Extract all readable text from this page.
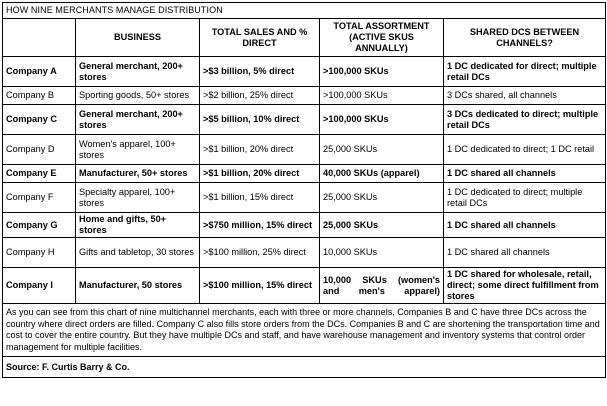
HOW NINE MERCHANTS MANAGE DISTRIBUTION				
	BUSINESS	TOTAL SALES AND % DIRECT	TOTAL ASSORTMENT (ACTIVE SKUS ANNUALLY)	SHARED DCS BETWEEN CHANNELS?
Company A	General merchant, 200+ stores	>$3 billion, 5% direct	>100,000 SKUs	1 DC dedicated for direct; multiple retail DCs
Company B	Sporting goods, 50+ stores	>$2 billion, 25% direct	>100,000 SKUs	3 DCs shared, all channels
Company C	General merchant, 200+ stores	>$5 billion, 10% direct	>100,000 SKUs	3 DCs dedicated to direct; multiple retail DCs
Company D	Women's apparel, 100+ stores	>$1 billion, 20% direct	25,000 SKUs	1 DC dedicated to direct; 1 DC retail
Company E	Manufacturer, 50+ stores	>$1 billion, 20% direct	40,000 SKUs (apparel)	1 DC shared all channels
Company F	Specialty apparel, 100+ stores	>$1 billion, 15% direct	25,000 SKUs	1 DC dedicated to direct; multiple retail DCs
Company G	Home and gifts, 50+ stores	>$750 million, 15% direct	25,000 SKUs	1 DC shared all channels
Company H	Gifts and tabletop, 30 stores	>$100 million, 25% direct	10,000 SKUs	1 DC shared all channels
Company I	Manufacturer, 50 stores	>$100 million, 15% direct	10,000 SKUs (women's and men's apparel)	1 DC shared for wholesale, retail, direct; some direct fulfillment from stores
As you can see from this chart of nine multichannel merchants, each with three or more channels, Companies B and C have three DCs across the country where direct orders are filled. Company C also fills store orders from the DCs. Companies B and C are shortening the transportation time and cost to cover the entire country. But they have multiple DCs and staff, and have warehouse management and inventory systems that control order management for multiple facilities.				
Source: F. Curtis Barry & Co.				
